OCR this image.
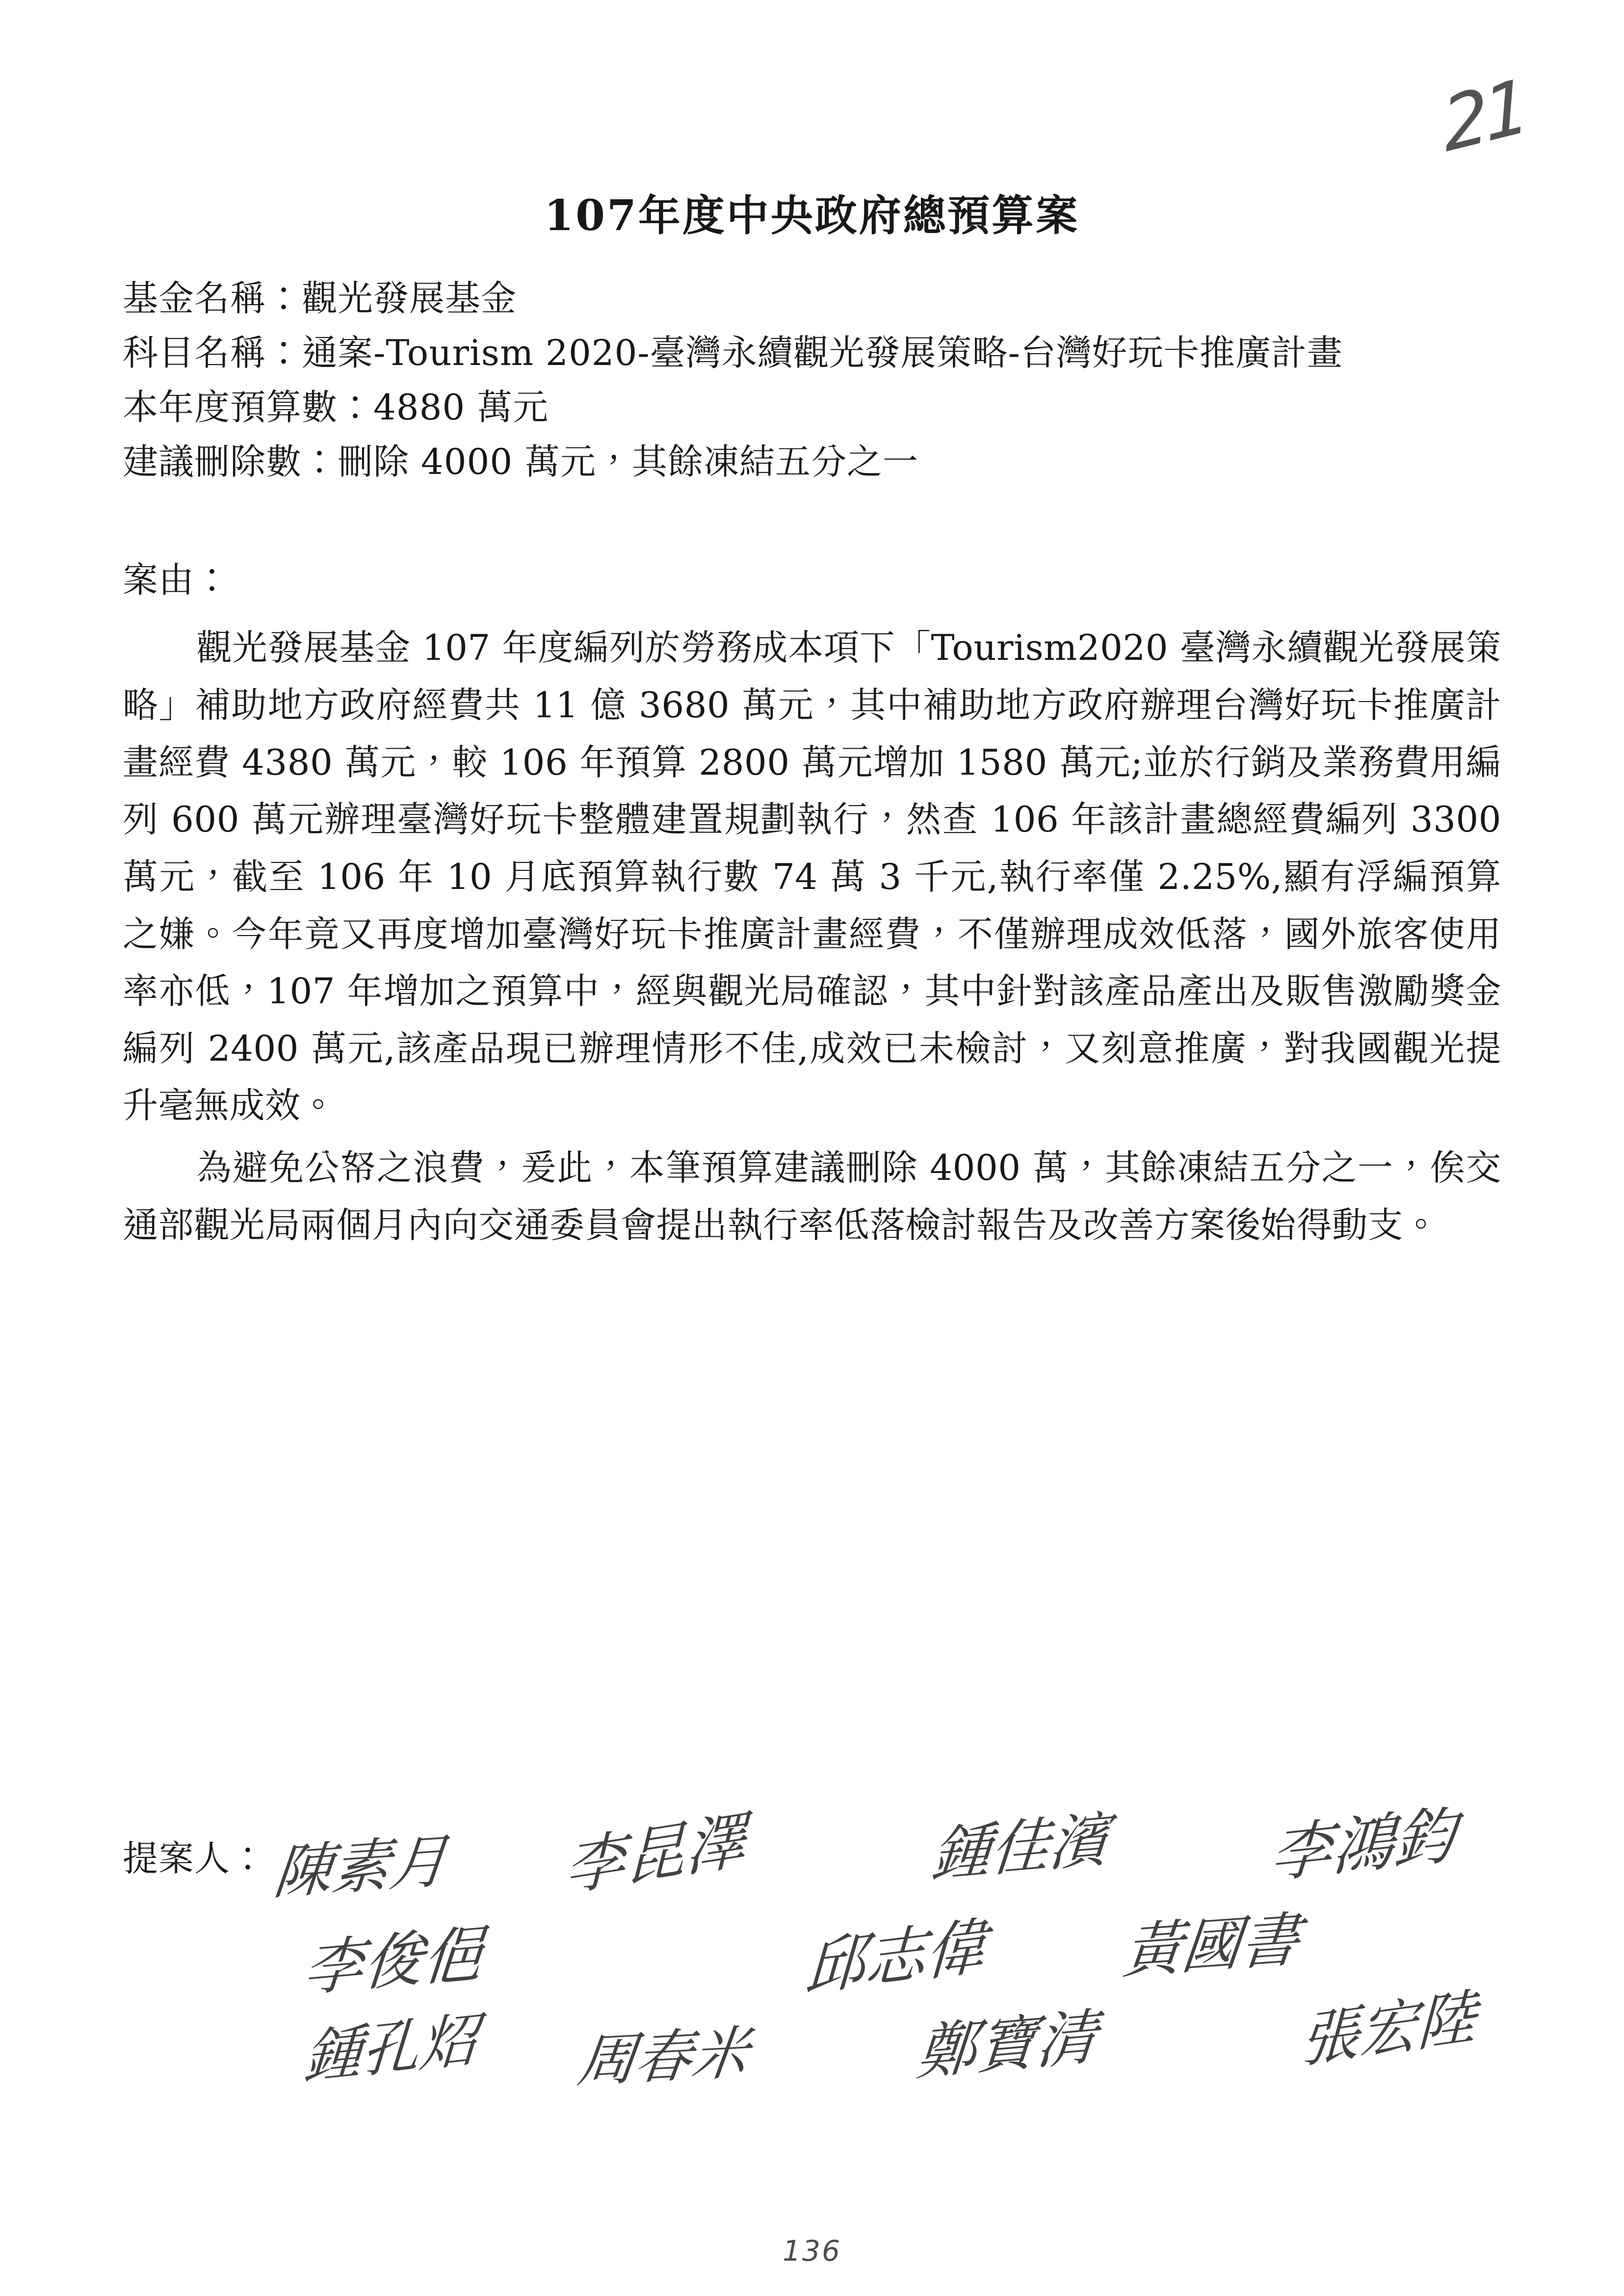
21
107年度中央政府總預算案

基金名稱：觀光發展基金

科目名稱：通案-Tourism 2020-臺灣永續觀光發展策略-台灣好玩卡推廣計畫

本年度預算數：4880 萬元

建議刪除數：刪除 4000 萬元，其餘凍結五分之一

案由：

觀光發展基金 107 年度編列於勞務成本項下「Tourism2020 臺灣永續觀光發展策略」補助地方政府經費共 11 億 3680 萬元，其中補助地方政府辦理台灣好玩卡推廣計畫經費 4380 萬元，較 106 年預算 2800 萬元增加 1580 萬元;並於行銷及業務費用編列 600 萬元辦理臺灣好玩卡整體建置規劃執行，然查 106 年該計畫總經費編列 3300 萬元，截至 106 年 10 月底預算執行數 74 萬 3 千元,執行率僅 2.25%,顯有浮編預算之嫌。今年竟又再度增加臺灣好玩卡推廣計畫經費，不僅辦理成效低落，國外旅客使用率亦低，107 年增加之預算中，經與觀光局確認，其中針對該產品產出及販售激勵獎金編列 2400 萬元,該產品現已辦理情形不佳,成效已未檢討，又刻意推廣，對我國觀光提升毫無成效。

為避免公帑之浪費，爰此，本筆預算建議刪除 4000 萬，其餘凍結五分之一，俟交通部觀光局兩個月內向交通委員會提出執行率低落檢討報告及改善方案後始得動支。

提案人： 陳素月 李昆澤	鍾佳濱	李鴻鈞
李俊俋	邱志偉 黃國書
鍾孔炤 周春米	鄭寶清	張宏陸
136
